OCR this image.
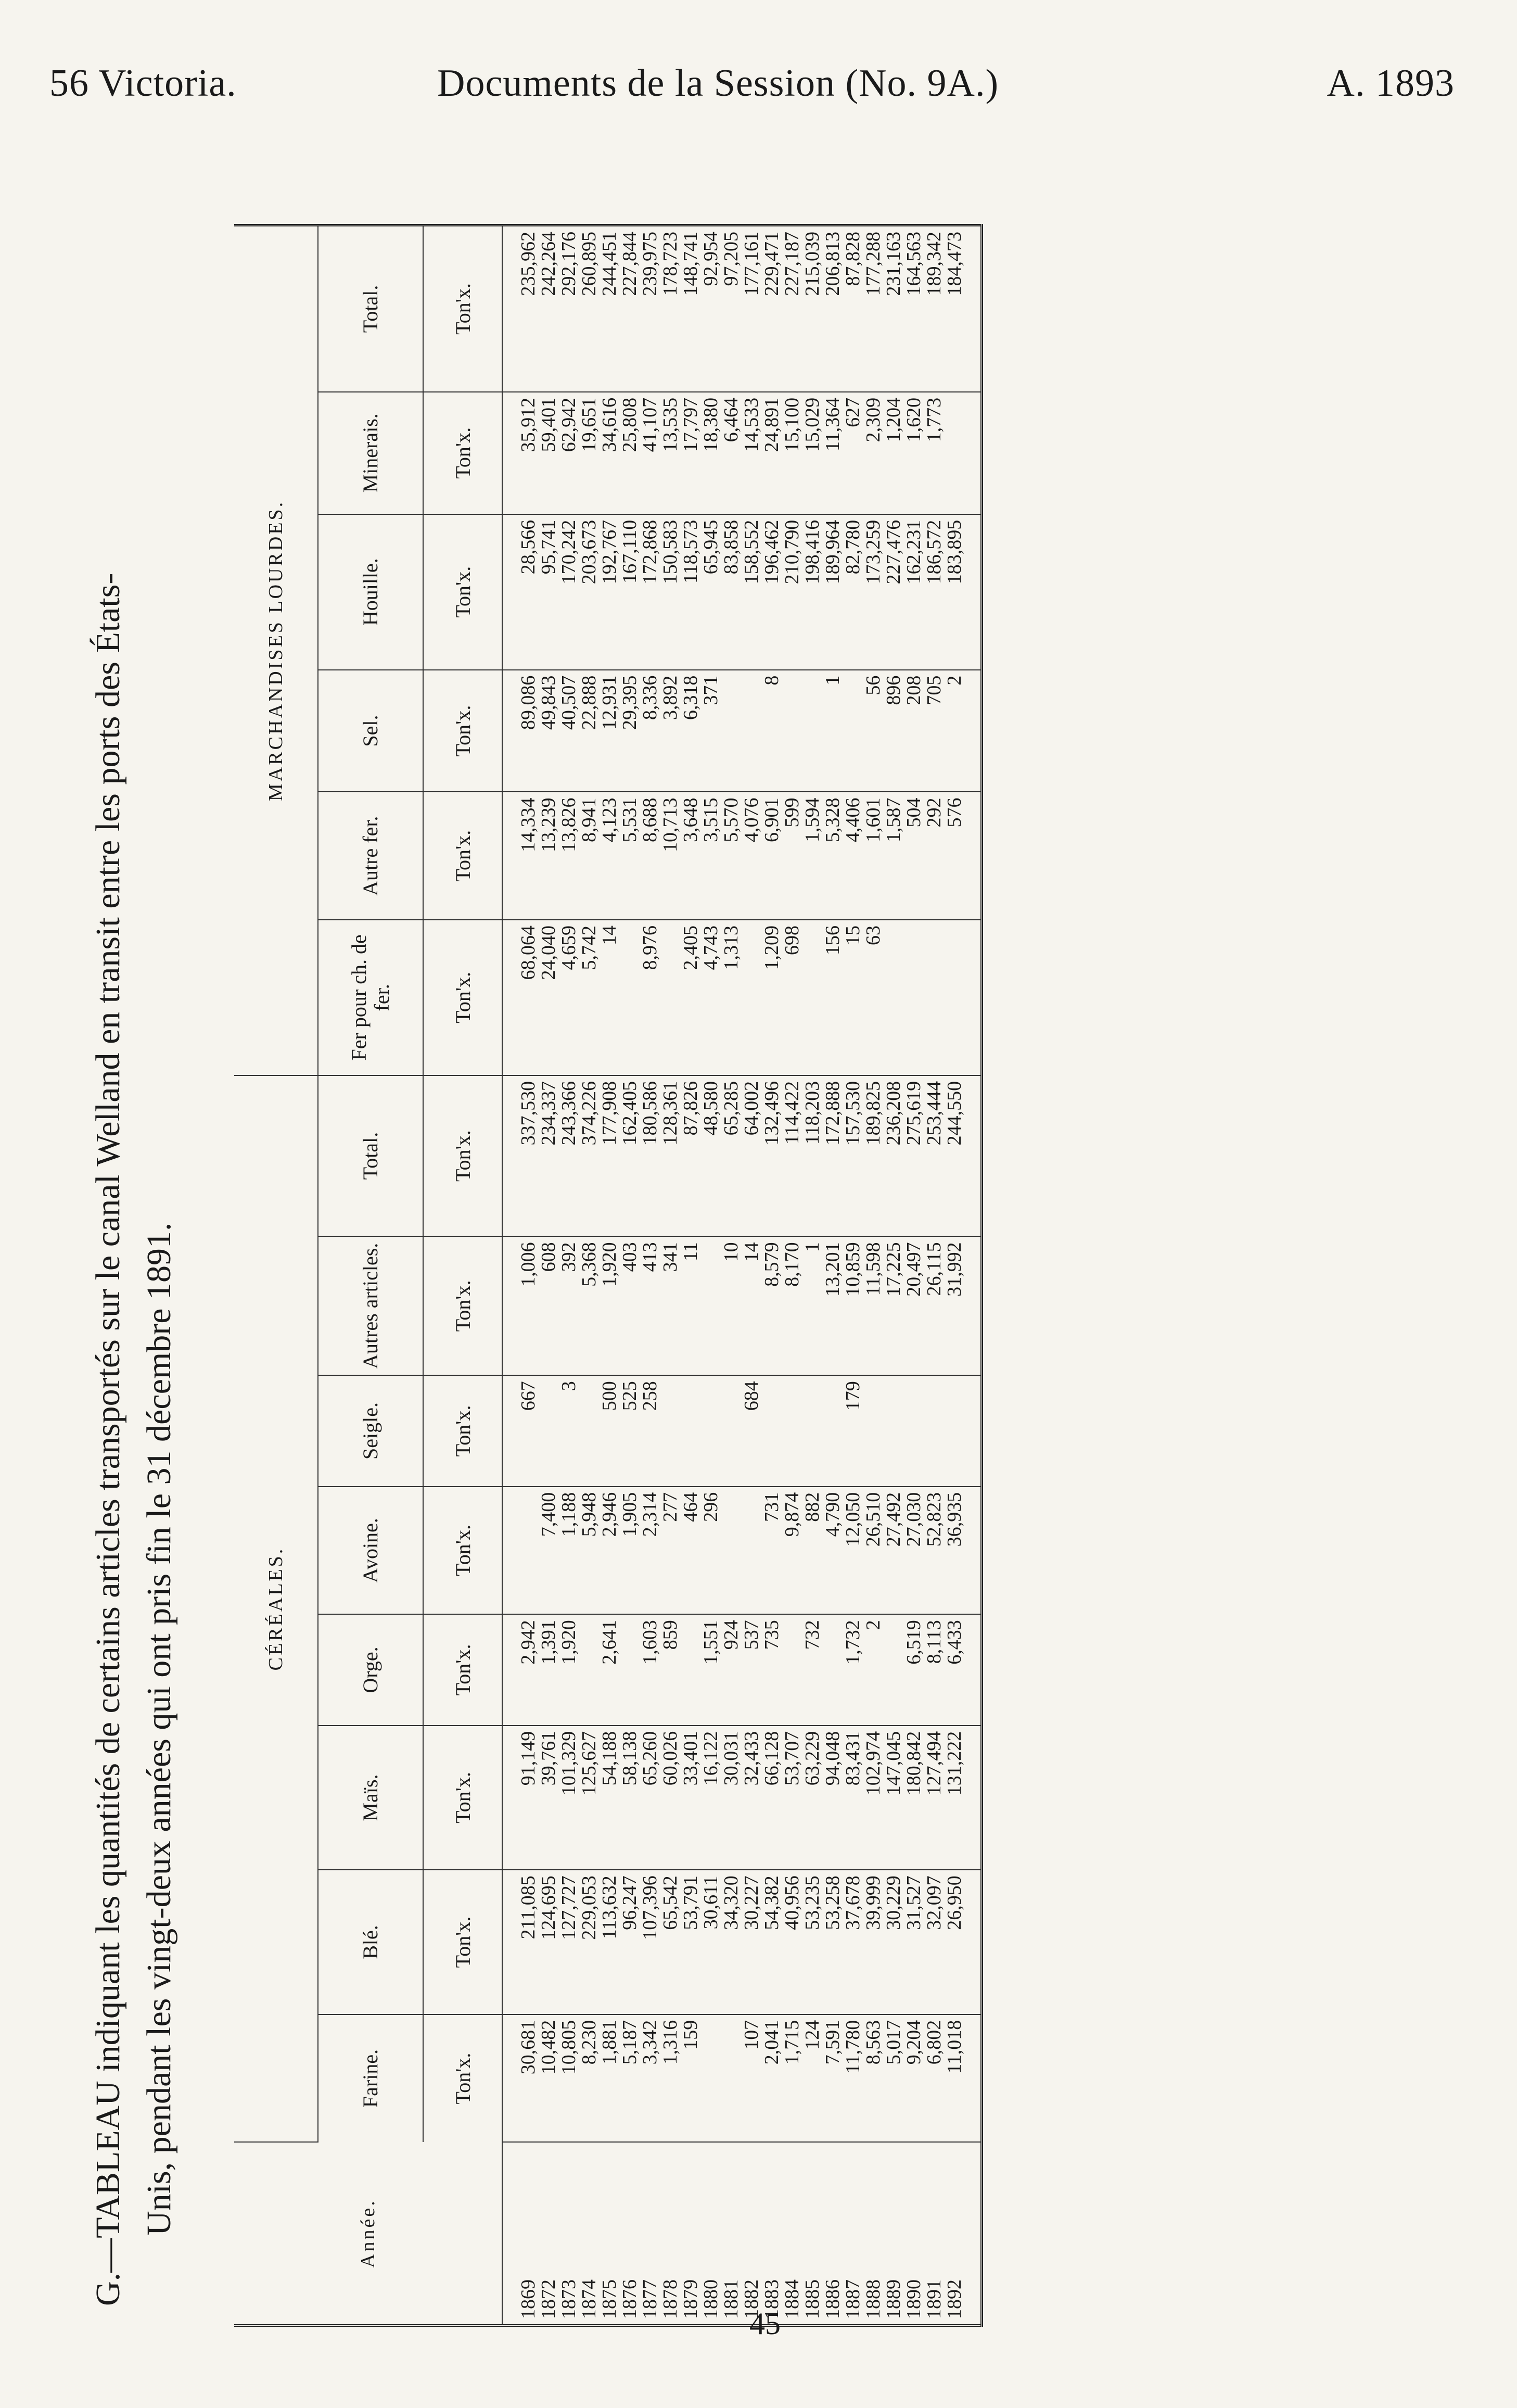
56 Victoria.	Documents de la Session (No. 9A.)	A. 1893
G.—TABLEAU indiquant les quantités de certains articles transportés sur le canal Welland en transit entre les ports des États- Unis, pendant les vingt-deux années qui ont pris fin le 31 décembre 1891.	Année.	CÉRÉALES.								MARCHANDISES LOURDES.					
	Farine.	Blé.	Maïs.	Orge.	Avoine.	Seigle.	Autres articles.	Total.	Fer pour ch. de fer.	Autre fer.	Sel.	Houille.	Minerais.	Total.
	Ton'x.	Ton'x.	Ton'x.	Ton'x.	Ton'x.	Ton'x.	Ton'x.	Ton'x.	Ton'x.	Ton'x.	Ton'x.	Ton'x.	Ton'x.	Ton'x.
1869	30,681	211,085	91,149	2,942		667	1,006	337,530	68,064	14,334	89,086	28,566	35,912	235,962
1872	10,482	124,695	39,761	1,391	7,400		608	234,337	24,040	13,239	49,843	95,741	59,401	242,264
1873	10,805	127,727	101,329	1,920	1,188	3	392	243,366	4,659	13,826	40,507	170,242	62,942	292,176
1874	8,230	229,053	125,627		5,948		5,368	374,226	5,742	8,941	22,888	203,673	19,651	260,895
1875	1,881	113,632	54,188	2,641	2,946	500	1,920	177,908	14	4,123	12,931	192,767	34,616	244,451
1876	5,187	96,247	58,138		1,905	525	403	162,405		5,531	29,395	167,110	25,808	227,844
1877	3,342	107,396	65,260	1,603	2,314	258	413	180,586	8,976	8,688	8,336	172,868	41,107	239,975
1878	1,316	65,542	60,026	859	277		341	128,361		10,713	3,892	150,583	13,535	178,723
1879	159	53,791	33,401		464		11	87,826	2,405	3,648	6,318	118,573	17,797	148,741
1880		30,611	16,122	1,551	296			48,580	4,743	3,515	371	65,945	18,380	92,954
1881		34,320	30,031	924			10	65,285	1,313	5,570		83,858	6,464	97,205
1882	107	30,227	32,433	537		684	14	64,002		4,076		158,552	14,533	177,161
1883	2,041	54,382	66,128	735	731		8,579	132,496	1,209	6,901	8	196,462	24,891	229,471
1884	1,715	40,956	53,707		9,874		8,170	114,422	698	599		210,790	15,100	227,187
1885	124	53,235	63,229	732	882		1	118,203		1,594		198,416	15,029	215,039
1886	7,591	53,258	94,048		4,790		13,201	172,888	156	5,328	1	189,964	11,364	206,813
1887	11,780	37,678	83,431	1,732	12,050	179	10,859	157,530	15	4,406		82,780	627	87,828
1888	8,563	39,999	102,974	2	26,510		11,598	189,825	63	1,601	56	173,259	2,309	177,288
1889	5,017	30,229	147,045		27,492		17,225	236,208		1,587	896	227,476	1,204	231,163
1890	9,204	31,527	180,842	6,519	27,030		20,497	275,619		504	208	162,231	1,620	164,563
1891	6,802	32,097	127,494	8,113	52,823		26,115	253,444		292	705	186,572	1,773	189,342
1892	11,018	26,950	131,222	6,433	36,935		31,992	244,550		576	2	183,895		184,473
45
